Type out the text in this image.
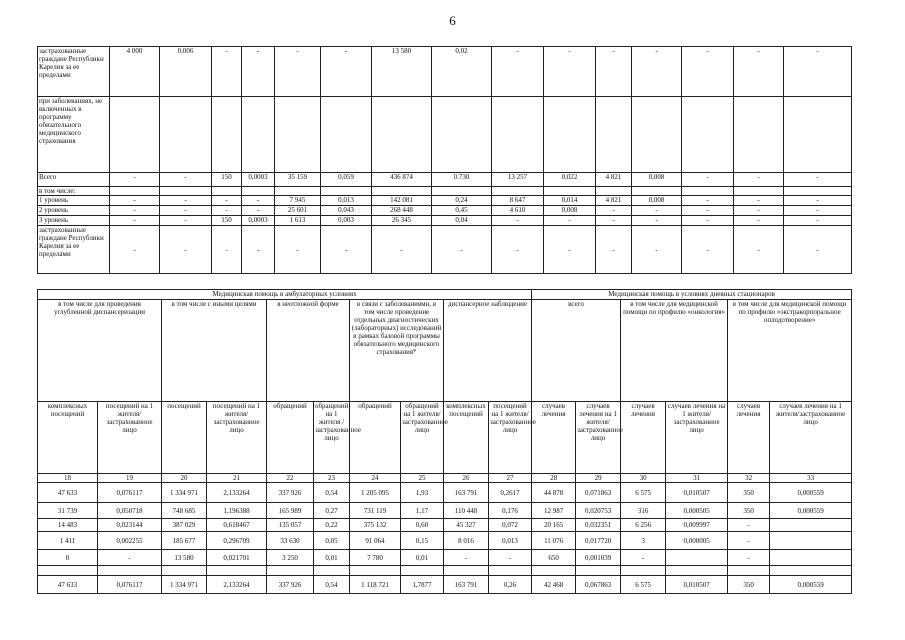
6
застрахованные граждане Республики Карелия за ее пределами	4 000	0,006	-	-	-	-	13 580	0,02	-	-	-	-	-	-	-
при заболеваниях, не включенных в программу обязательного медицинского страхования															
Всего	-	-	150	0,0003	35 159	0,059	436 874	0.730	13 257	0,022	4 821	0,008	-	-	-
в том числе:															
1 уровень	-	-	-	-	7 945	0,013	142 081	0,24	8 647	0,014	4 821	0,008	-	-	-
2 уровень	-	-	-	-	25 601	0,043	268 448	0,45	4 610	0,008	-	-	-	-	-
3 уровень	-	-	150	0,0003	1 613	0,003	26 345	0,04	-	-	-	-	-	-	-
застрахованные граждане Республики Карелия за ее пределами	-	-	-	-	-	-	-	-	-	-	-	-	-	-	-
Медицинская помощь в амбулаторных условиях										Медицинская помощь в условиях дневных стационаров					
в том числе для проведения углубленной диспансеризации		в том числе с иными целями		в неотложной форме		в связи с заболеваниями, в том числе проведение отдельных диагностических (лабораторных) исследований в рамках базовой программы обязательного медицинского страхования*		диспансерное наблюдение		всего		в том числе для медицинской помощи по профилю «онкология»		в том числе для медицинской помощи по профилю «экстракорпоральное оплодотворение»	
комплексных посещений	посещений на 1 жителя/ застрахованное лицо	посещений	посещений на 1 жителя/ застрахованное лицо	обращений	обращений на 1 жителя /застрахованное лицо	обращений	обращений на 1 жителя/ застрахованное лицо	комплексных посещений	посещений на 1 жителя/ застрахованное лицо	случаев лечения	случаев лечения на 1 жителя/ застрахованное лицо	случаев лечения	случаев лечения на 1 жителя/ застрахованное лицо	случаев лечения	случаев лечения на 1 жителя/застрахованное лицо
18	19	20	21	22	23	24	25	26	27	28	29	30	31	32	33
47 633	0,076117	1 334 971	2,133264	337 926	0,54	1 205 095	1,93	163 791	0,2617	44 878	0,071863	6 575	0,010507	350	0,000559
31 739	0,050718	748 685	1,196388	165 989	0,27	731 119	1,17	110 448	0,176	12 987	0,020753	316	0,000505	350	0,000559
14 483	0,023144	387 029	0,618467	135 057	0,22	375 132	0,60	45 327	0,072	20 165	0,032351	6 256	0,009997	-	
1 411	0,002255	185 677	0,296709	33 630	0,05	91 064	0,15	8 016	0,013	11 076	0,017720	3	0,000005	-	
0	-	13 580	0,021701	3 250	0,01	7 780	0,01	-	-	650	0,001039	-		-	

47 633	0,076117	1 334 971	2,133264	337 926	0,54	1 118 721	1,7877	163 791	0,26	42 468	0,067863	6 575	0,010507	350	0,000559
